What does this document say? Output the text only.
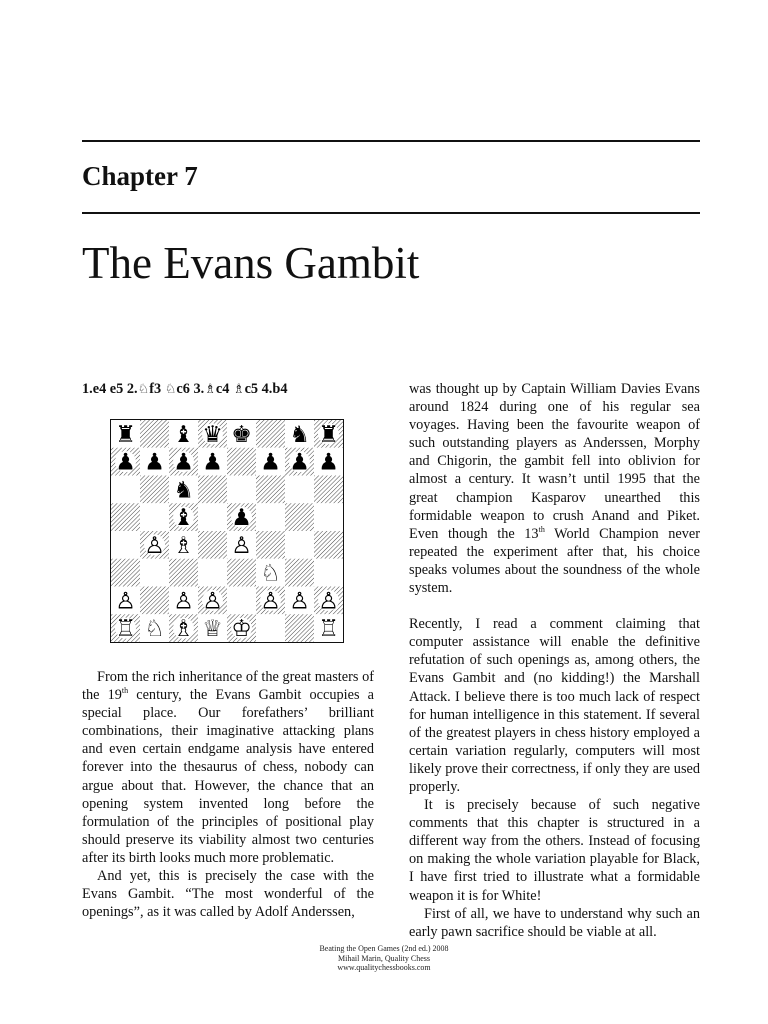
Chapter 7
The Evans Gambit
1.e4 e5 2.♘f3 ♘c6 3.♗c4 ♗c5 4.b4
♜ ♝ ♛ ♚ ♞ ♜
♟ ♟ ♟ ♟ ♟ ♟ ♟
♞
♝ ♟
♙ ♗ ♙
♘
♙ ♙ ♙ ♙ ♙ ♙
♖ ♘ ♗ ♕ ♔	♖

From the rich inheritance of the great masters of the 19th century, the Evans Gambit occupies a special place. Our forefathers’ brilliant combinations, their imaginative attacking plans and even certain endgame analysis have entered forever into the thesaurus of chess, nobody can argue about that. However, the chance that an opening system invented long before the formulation of the principles of positional play should preserve its viability almost two centuries after its birth looks much more problematic.

And yet, this is precisely the case with the Evans Gambit. “The most wonderful of the openings”, as it was called by Adolf Anderssen,

was thought up by Captain William Davies Evans around 1824 during one of his regular sea voyages. Having been the favourite weapon of such outstanding players as Anderssen, Morphy and Chigorin, the gambit fell into oblivion for almost a century. It wasn’t until 1995 that the great champion Kasparov unearthed this formidable weapon to crush Anand and Piket. Even though the 13th World Champion never repeated the experiment after that, his choice speaks volumes about the soundness of the whole system.

Recently, I read a comment claiming that computer assistance will enable the definitive refutation of such openings as, among others, the Evans Gambit and (no kidding!) the Marshall Attack. I believe there is too much lack of respect for human intelligence in this statement. If several of the greatest players in chess history employed a certain variation regularly, computers will most likely prove their correctness, if only they are used properly.

It is precisely because of such negative comments that this chapter is structured in a different way from the others. Instead of focusing on making the whole variation playable for Black, I have first tried to illustrate what a formidable weapon it is for White!

First of all, we have to understand why such an early pawn sacrifice should be viable at all.

Beating the Open Games (2nd ed.) 2008
Mihail Marin, Quality Chess
www.qualitychessbooks.com
